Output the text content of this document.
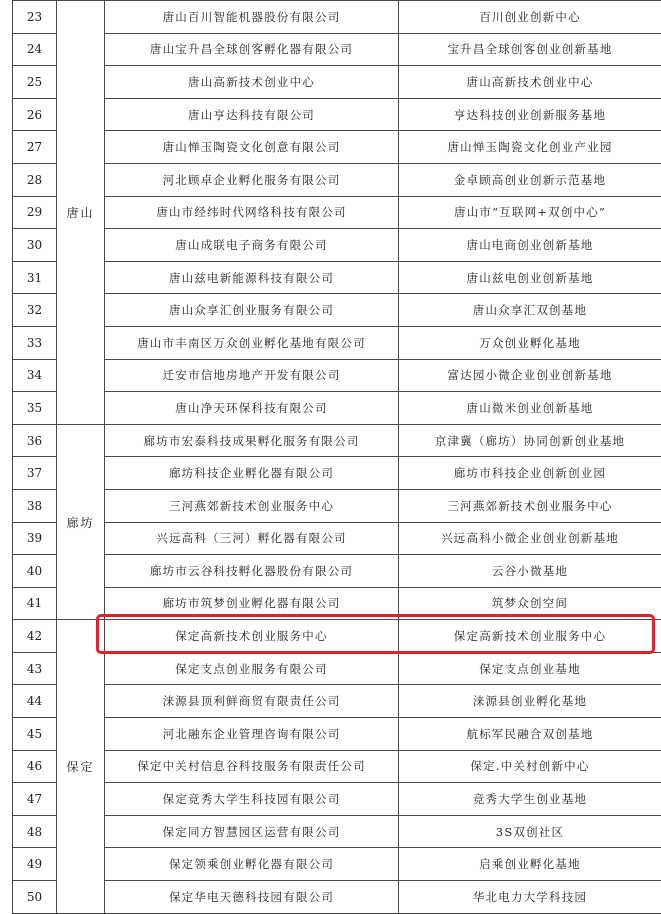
23	唐山	唐山百川智能机器股份有限公司	百川创业创新中心
24		唐山宝升昌全球创客孵化器有限公司	宝升昌全球创客创业创新基地
25		唐山高新技术创业中心	唐山高新技术创业中心
26		唐山亨达科技有限公司	亨达科技创业创新服务基地
27		唐山惮玉陶瓷文化创意有限公司	唐山惮玉陶瓷文化创业产业园
28		河北顾卓企业孵化服务有限公司	金卓顾高创业创新示范基地
29		唐山市经纬时代网络科技有限公司	唐山市“互联网+双创中心”
30		唐山成联电子商务有限公司	唐山电商创业创新基地
31		唐山兹电新能源科技有限公司	唐山兹电创业创新基地
32		唐山众享汇创业服务有限公司	唐山众享汇双创基地
33		唐山市丰南区万众创业孵化基地有限公司	万众创业孵化基地
34		迁安市信地房地产开发有限公司	富达园小微企业创业创新基地
35		唐山净天环保科技有限公司	唐山微米创业创新基地
36	廊坊	廊坊市宏泰科技成果孵化服务有限公司	京津冀（廊坊）协同创新创业基地
37		廊坊科技企业孵化器有限公司	廊坊市科技企业创新创业园
38		三河燕郊新技术创业服务中心	三河燕郊新技术创业服务中心
39		兴远高科（三河）孵化器有限公司	兴远高科小微企业创业创新基地
40		廊坊市云谷科技孵化器股份有限公司	云谷小微基地
41		廊坊市筑梦创业孵化器有限公司	筑梦众创空间
42	保定	保定高新技术创业服务中心	保定高新技术创业服务中心
43		保定支点创业服务有限公司	保定支点创业基地
44		涞源县顶利鲜商贸有限责任公司	涞源县创业孵化基地
45		河北融东企业管理咨询有限公司	航标军民融合双创基地
46		保定中关村信息谷科技服务有限责任公司	保定.中关村创新中心
47		保定竞秀大学生科技园有限公司	竞秀大学生创业基地
48		保定同方智慧园区运营有限公司	3S双创社区
49		保定领乘创业孵化器有限公司	启乘创业孵化基地
50		保定华电天德科技园有限公司	华北电力大学科技园
